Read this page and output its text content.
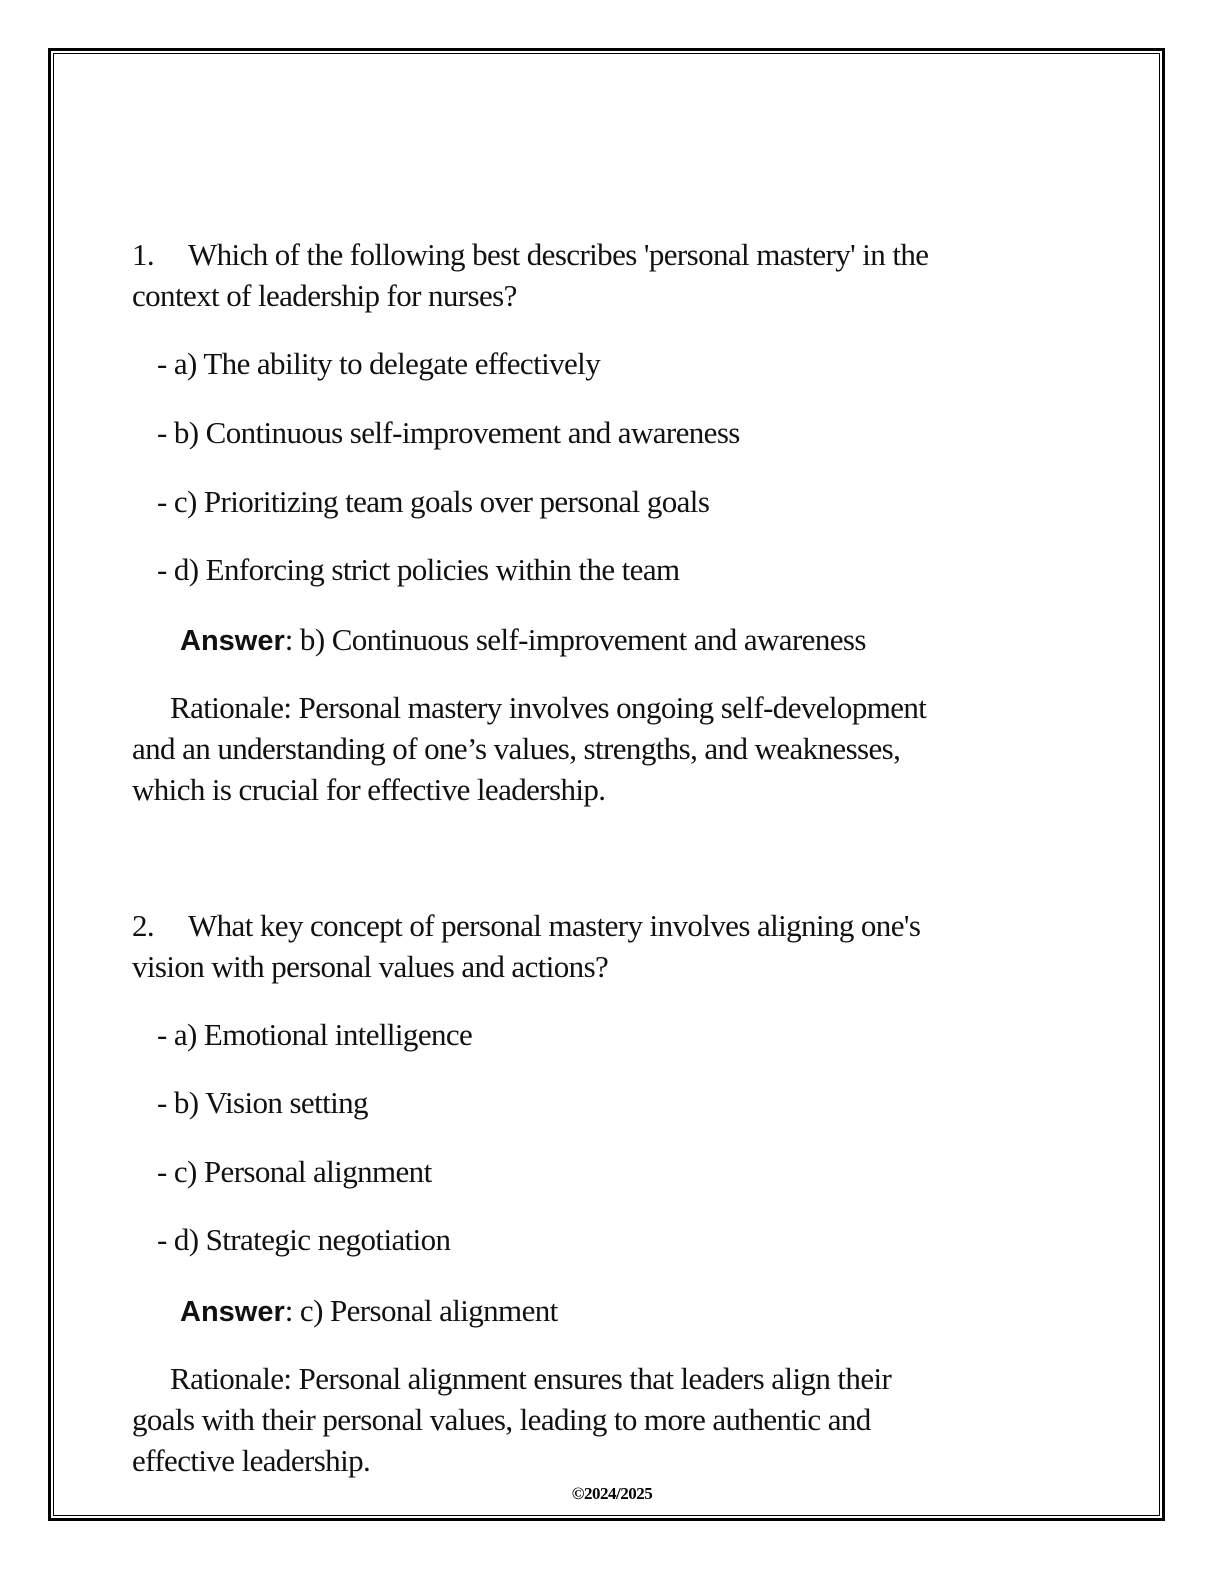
1. Which of the following best describes 'personal mastery' in the
context of leadership for nurses?
- a) The ability to delegate effectively
- b) Continuous self-improvement and awareness
- c) Prioritizing team goals over personal goals
- d) Enforcing strict policies within the team
Answer: b) Continuous self-improvement and awareness
Rationale: Personal mastery involves ongoing self-development
and an understanding of one’s values, strengths, and weaknesses,
which is crucial for effective leadership.
2. What key concept of personal mastery involves aligning one's
vision with personal values and actions?
- a) Emotional intelligence
- b) Vision setting
- c) Personal alignment
- d) Strategic negotiation
Answer: c) Personal alignment
Rationale: Personal alignment ensures that leaders align their
goals with their personal values, leading to more authentic and
effective leadership.
©2024/2025
